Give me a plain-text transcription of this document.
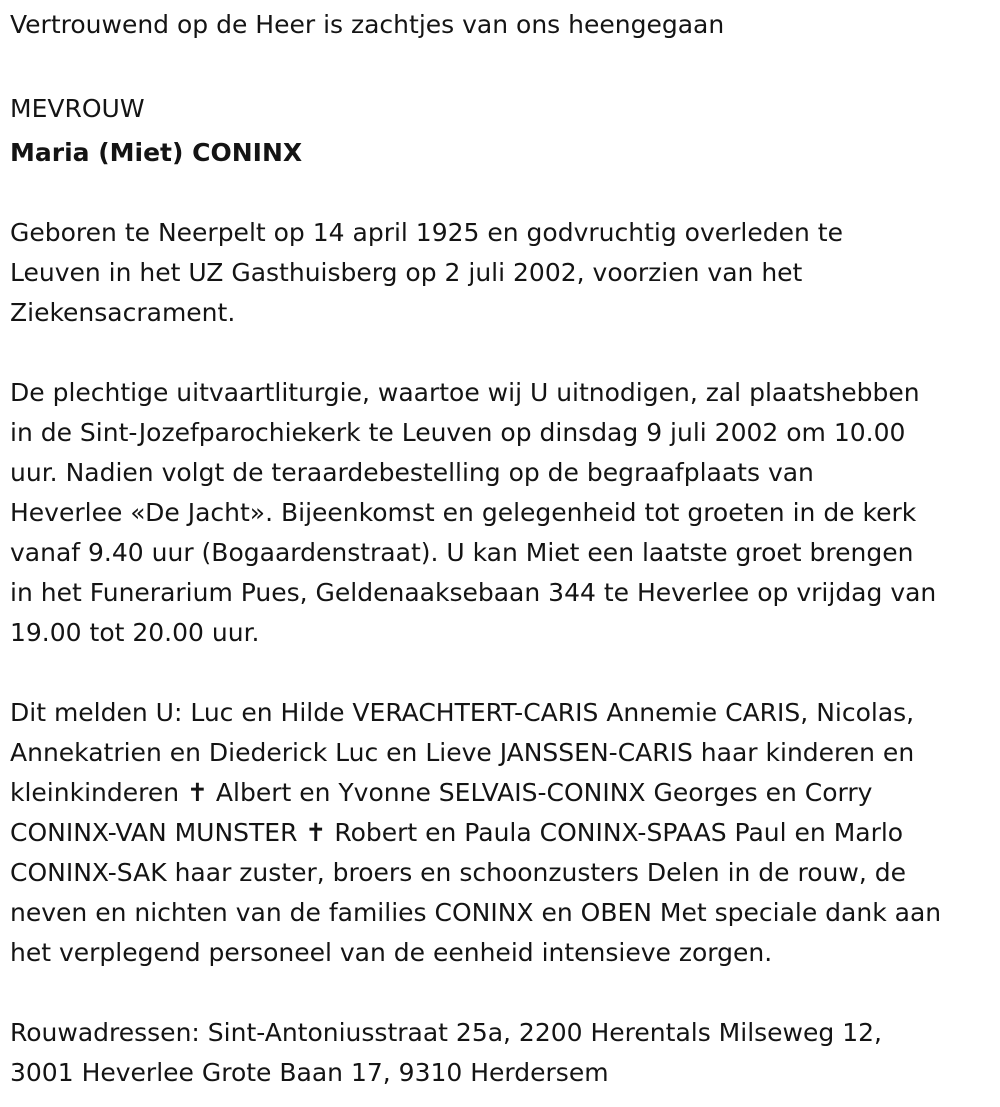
Vertrouwend op de Heer is zachtjes van ons heengegaan
MEVROUW
Maria (Miet) CONINX
Geboren te Neerpelt op 14 april 1925 en godvruchtig overleden te
Leuven in het UZ Gasthuisberg op 2 juli 2002, voorzien van het
Ziekensacrament.
De plechtige uitvaartliturgie, waartoe wij U uitnodigen, zal plaatshebben
in de Sint-Jozefparochiekerk te Leuven op dinsdag 9 juli 2002 om 10.00
uur. Nadien volgt de teraardebestelling op de begraafplaats van
Heverlee «De Jacht». Bijeenkomst en gelegenheid tot groeten in de kerk
vanaf 9.40 uur (Bogaardenstraat). U kan Miet een laatste groet brengen
in het Funerarium Pues, Geldenaaksebaan 344 te Heverlee op vrijdag van
19.00 tot 20.00 uur.
Dit melden U: Luc en Hilde VERACHTERT-CARIS Annemie CARIS, Nicolas,
Annekatrien en Diederick Luc en Lieve JANSSEN-CARIS haar kinderen en
kleinkinderen ✝ Albert en Yvonne SELVAIS-CONINX Georges en Corry
CONINX-VAN MUNSTER ✝ Robert en Paula CONINX-SPAAS Paul en Marlo
CONINX-SAK haar zuster, broers en schoonzusters Delen in de rouw, de
neven en nichten van de families CONINX en OBEN Met speciale dank aan
het verplegend personeel van de eenheid intensieve zorgen.
Rouwadressen: Sint-Antoniusstraat 25a, 2200 Herentals Milseweg 12,
3001 Heverlee Grote Baan 17, 9310 Herdersem
